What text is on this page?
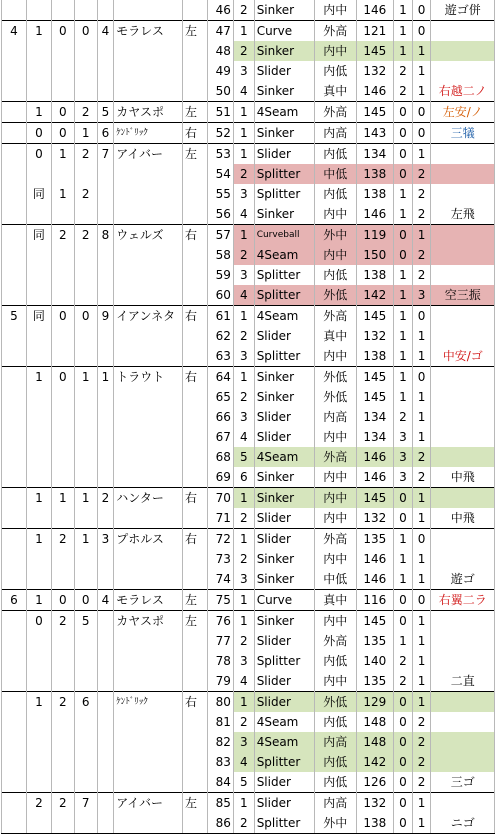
							46	2	Sinker	内中	146	1	0	遊ゴ併
4	1	0	0	4	モラレス	左	47	1	Curve	外高	121	1	0	
							48	2	Sinker	内中	145	1	1	
							49	3	Slider	内低	132	2	1	
							50	4	Sinker	真中	146	2	1	右越二ノ
	1	0	2	5	カヤスポ	左	51	1	4Seam	外高	145	0	0	左安/ノ
	0	0	1	6	ｹﾝﾄﾞﾘｯｸ	右	52	1	Sinker	内高	143	0	0	三犠
	0	1	2	7	アイバー	左	53	1	Slider	内低	134	0	1	
							54	2	Splitter	中低	138	0	2	
	同	1	2				55	3	Splitter	内低	138	1	2	
							56	4	Sinker	内中	146	1	2	左飛
	同	2	2	8	ウェルズ	右	57	1	Curveball	外中	119	0	1	
							58	2	4Seam	内中	150	0	2	
							59	3	Splitter	内低	138	1	2	
							60	4	Splitter	外低	142	1	3	空三振
5	同	0	0	9	イアンネタ	右	61	1	4Seam	外高	145	1	0	
							62	2	Slider	真中	132	1	1	
							63	3	Splitter	内中	138	1	1	中安/ゴ
	1	0	1	1	トラウト	右	64	1	Sinker	外低	145	1	0	
							65	2	Sinker	外低	145	1	1	
							66	3	Slider	内高	134	2	1	
							67	4	Slider	内中	134	3	1	
							68	5	4Seam	外高	146	3	2	
							69	6	Sinker	内中	146	3	2	中飛
	1	1	1	2	ハンター	右	70	1	Sinker	内中	145	0	1	
							71	2	Slider	内中	132	0	1	中飛
	1	2	1	3	プホルス	右	72	1	Slider	外高	135	1	0	
							73	2	Sinker	内中	146	1	1	
							74	3	Sinker	中低	146	1	1	遊ゴ
6	1	0	0	4	モラレス	左	75	1	Curve	真中	116	0	0	右翼二ラ
	0	2	5		カヤスポ	左	76	1	Sinker	内中	145	0	1	
							77	2	Slider	外高	135	1	1	
							78	3	Splitter	内低	140	2	1	
							79	4	Slider	内中	135	2	1	二直
	1	2	6		ｹﾝﾄﾞﾘｯｸ	右	80	1	Slider	外低	129	0	1	
							81	2	4Seam	内低	148	0	2	
							82	3	4Seam	内高	148	0	2	
							83	4	Splitter	内低	142	0	2	
							84	5	Slider	内低	126	0	2	三ゴ
	2	2	7		アイバー	左	85	1	Slider	内高	132	0	1	
							86	2	Splitter	外中	138	0	1	ニゴ
